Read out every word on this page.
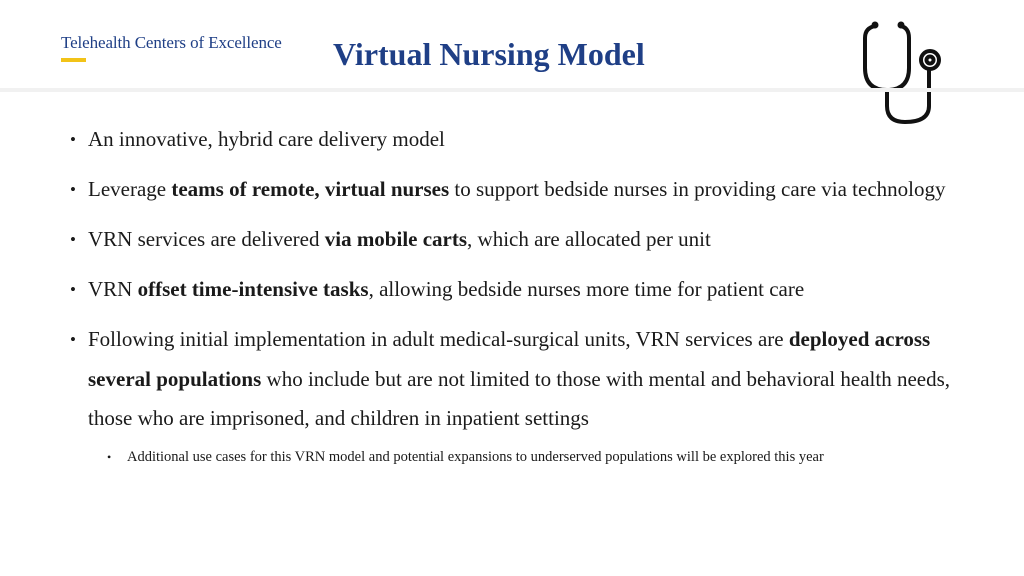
Telehealth Centers of Excellence Virtual Nursing Model
• An innovative, hybrid care delivery model
• Leverage teams of remote, virtual nurses to support bedside nurses in providing care via technology
• VRN services are delivered via mobile carts, which are allocated per unit
• VRN offset time-intensive tasks, allowing bedside nurses more time for patient care
• Following initial implementation in adult medical-surgical units, VRN services are deployed across several populations who include but are not limited to those with mental and behavioral health needs, those who are imprisoned, and children in inpatient settings
• Additional use cases for this VRN model and potential expansions to underserved populations will be explored this year
